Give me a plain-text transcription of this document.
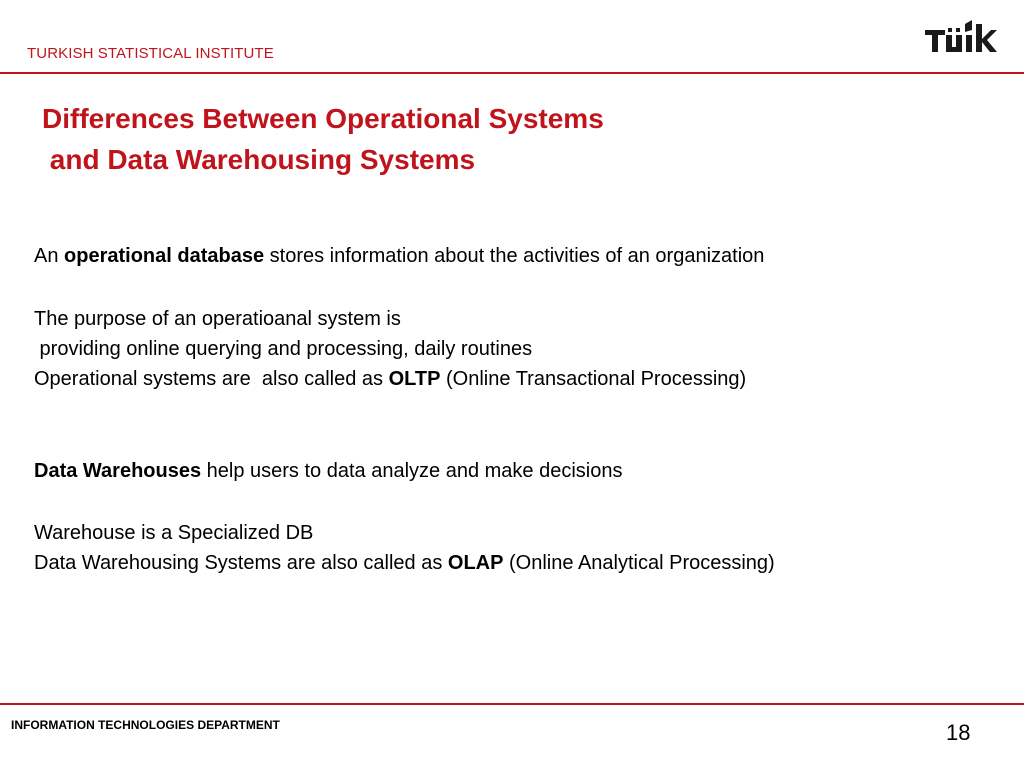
TURKISH STATISTICAL INSTITUTE
Differences Between Operational Systems
and Data Warehousing Systems
An operational database stores information about the activities of an organization
The purpose of an operatioanal system is
providing online querying and processing, daily routines
Operational systems are  also called as OLTP (Online Transactional Processing)
Data Warehouses help users to data analyze and make decisions
Warehouse is a Specialized DB
Data Warehousing Systems are also called as OLAP (Online Analytical Processing)
INFORMATION TECHNOLOGIES DEPARTMENT	18
